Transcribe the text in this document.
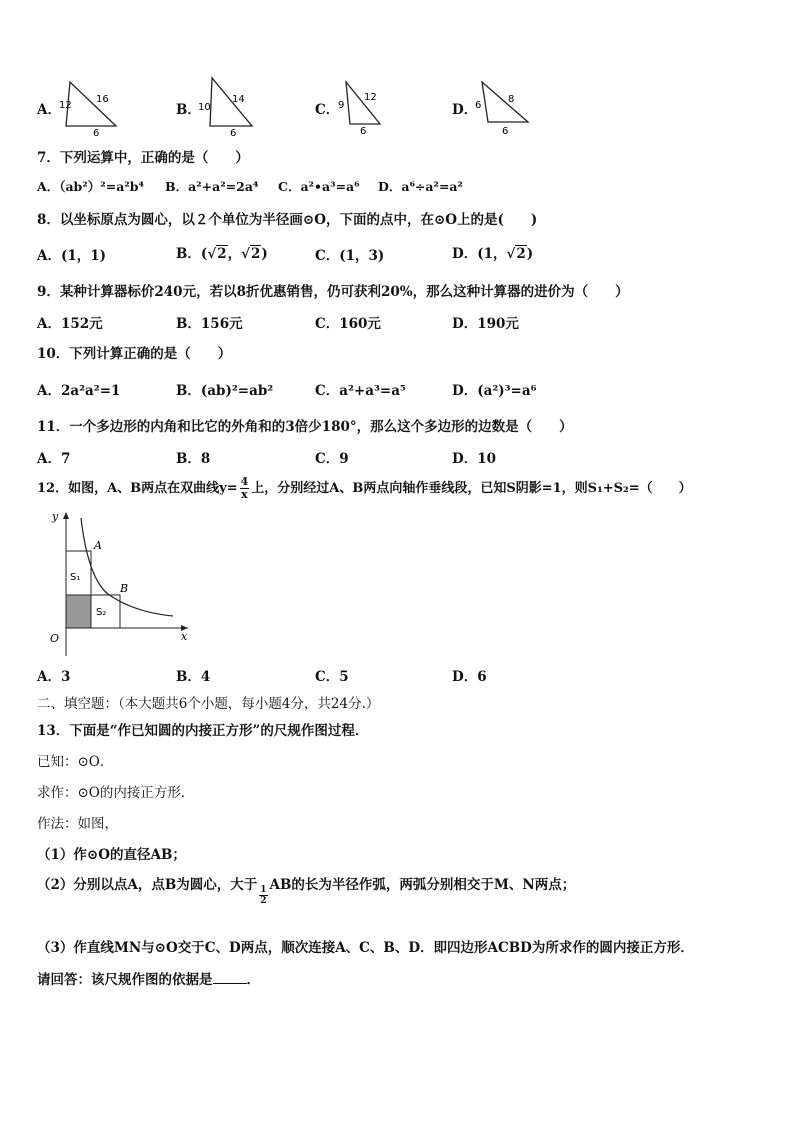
A．
12
16
6
B．
10
14
6
C．
9
12
6
D．
6
8
6
7．下列运算中，正确的是（　　）
A．（ab²）²=a²b⁴ B．a²+a²=2a⁴ C．a²•a³=a⁶ D．a⁶÷a²=a²
8．以坐标原点为圆心，以２个单位为半径画⊙O，下面的点中，在⊙O上的是(　　)
A．(1，1)	B．(√2，√2)	C．(1，3)	D．(1，√2)
9．某种计算器标价240元，若以8折优惠销售，仍可获利20%，那么这种计算器的进价为（　　）
A．152元	B．156元	C．160元	D．190元
10．下列计算正确的是（　　）
A．2a²a²=1	B．(ab)²=ab²	C．a²+a³=a⁵	D．(a²)³=a⁶
11．一个多边形的内角和比它的外角和的3倍少180°，那么这个多边形的边数是（　　）
A．7	B．8	C．9	D．10
12．如图，A、B两点在双曲线$y= \frac{4}{x}$ 上，分别经过A、B两点向轴作垂线段，已知S阴影=1，则S₁+S₂=（　　）
y
x
O
A
B
S₁
S₂
A．3	B．4	C．5	D．6
二、填空题：（本大题共6个小题，每小题4分，共24分.）
13．下面是“作已知圆的内接正方形”的尺规作图过程．
已知：⊙O．
求作：⊙O的内接正方形．
作法：如图，
（1）作⊙O的直径AB；
（2）分别以点A，点B为圆心，大于 $\frac{1}{2}$ AB的长为半径作弧，两弧分别相交于M、N两点；
（3）作直线MN与⊙O交于C、D两点，顺次连接A、C、B、D．即四边形ACBD为所求作的圆内接正方形．
请回答：该尺规作图的依据是	．
